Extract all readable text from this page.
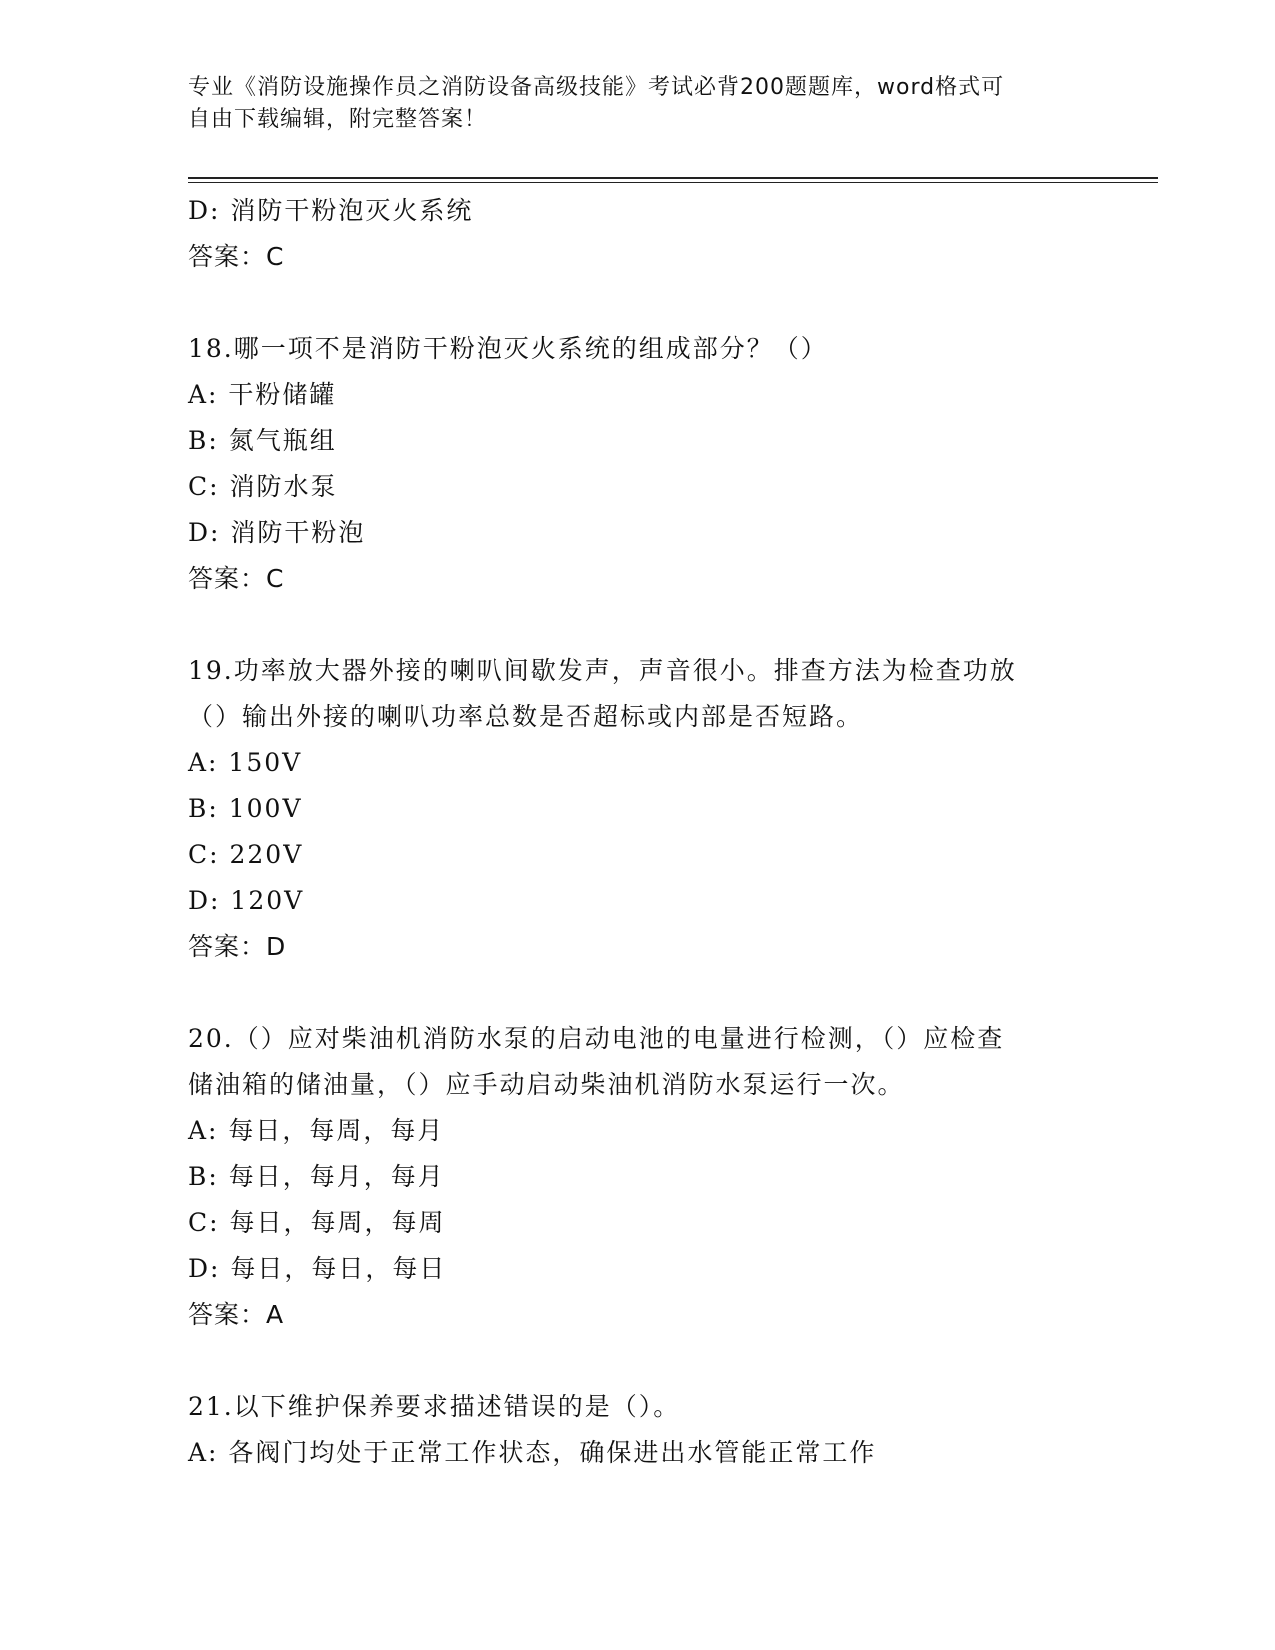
专业《消防设施操作员之消防设备高级技能》考试必背200题题库，word格式可
自由下载编辑，附完整答案！
D: 消防干粉泡灭火系统
答案：C
18.哪一项不是消防干粉泡灭火系统的组成部分？（）
A: 干粉储罐
B: 氮气瓶组
C: 消防水泵
D: 消防干粉泡
答案：C
19.功率放大器外接的喇叭间歇发声，声音很小。排查方法为检查功放
（）输出外接的喇叭功率总数是否超标或内部是否短路。
A: 150V
B: 100V
C: 220V
D: 120V
答案：D
20.（）应对柴油机消防水泵的启动电池的电量进行检测，（）应检查
储油箱的储油量，（）应手动启动柴油机消防水泵运行一次。
A: 每日，每周，每月
B: 每日，每月，每月
C: 每日，每周，每周
D: 每日，每日，每日
答案：A
21.以下维护保养要求描述错误的是（）。
A: 各阀门均处于正常工作状态，确保进出水管能正常工作
